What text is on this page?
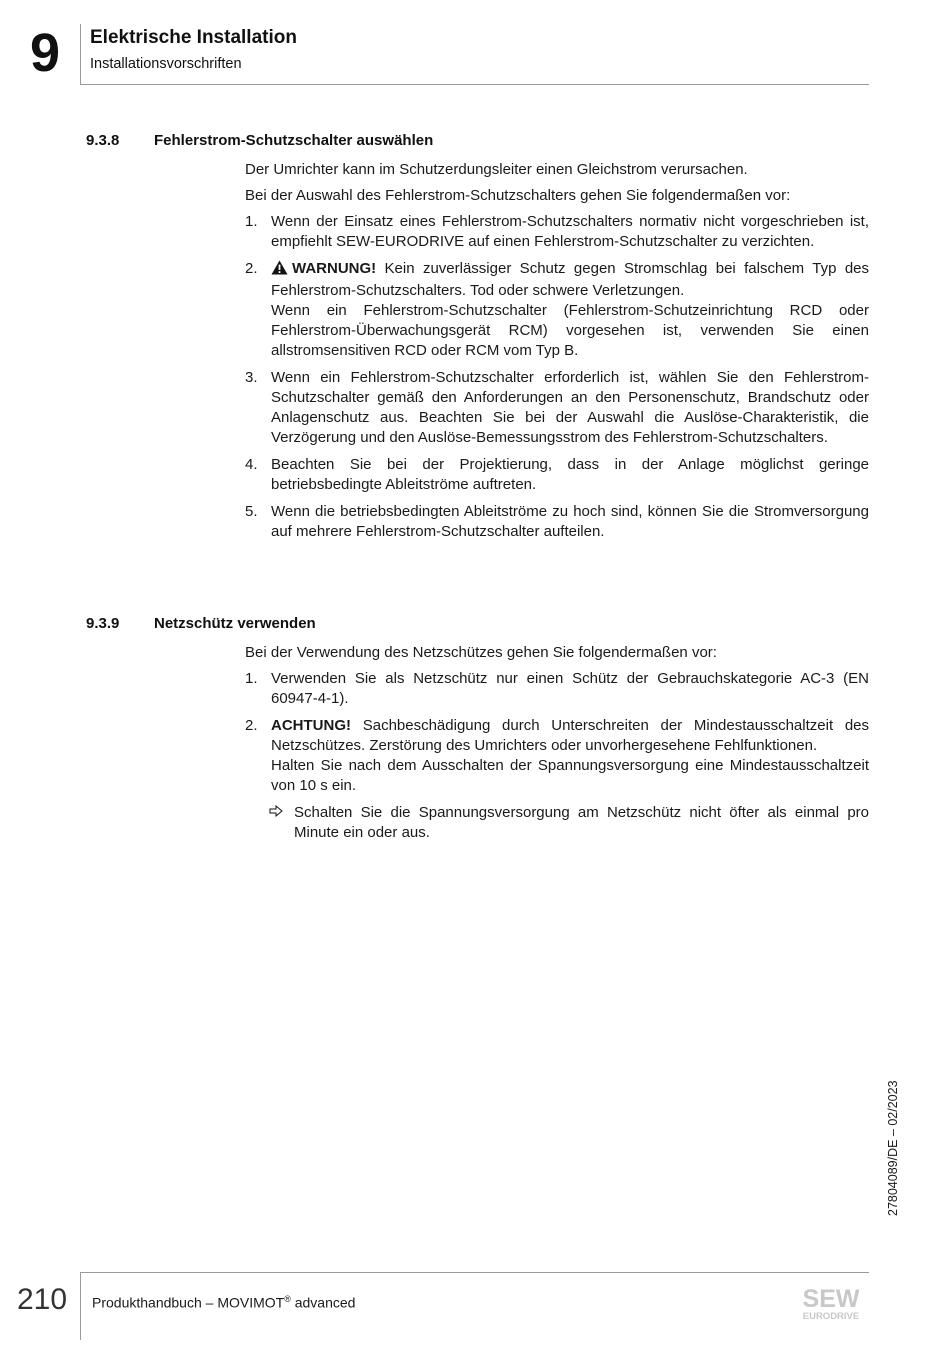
9	Elektrische Installation
Installationsvorschriften
9.3.8 Fehlerstrom-Schutzschalter auswählen

Der Umrichter kann im Schutzerdungsleiter einen Gleichstrom verursachen.

Bei der Auswahl des Fehlerstrom-Schutzschalters gehen Sie folgendermaßen vor:

1. Wenn der Einsatz eines Fehlerstrom-Schutzschalters normativ nicht vorgeschrieben ist, empfiehlt SEW-EURODRIVE auf einen Fehlerstrom-Schutzschalter zu verzichten.

2.	WARNUNG! Kein zuverlässiger Schutz gegen Stromschlag bei falschem Typ des Fehlerstrom-Schutzschalters. Tod oder schwere Verletzungen.

Wenn ein Fehlerstrom-Schutzschalter (Fehlerstrom-Schutzeinrichtung RCD oder Fehlerstrom-Überwachungsgerät RCM) vorgesehen ist, verwenden Sie einen allstromsensitiven RCD oder RCM vom Typ B.

3. Wenn ein Fehlerstrom-Schutzschalter erforderlich ist, wählen Sie den Fehlerstrom-Schutzschalter gemäß den Anforderungen an den Personenschutz, Brandschutz oder Anlagenschutz aus. Beachten Sie bei der Auswahl die Auslöse-Charakteristik, die Verzögerung und den Auslöse-Bemessungsstrom des Fehlerstrom-Schutzschalters.

4. Beachten Sie bei der Projektierung, dass in der Anlage möglichst geringe betriebsbedingte Ableitströme auftreten.

5. Wenn die betriebsbedingten Ableitströme zu hoch sind, können Sie die Stromversorgung auf mehrere Fehlerstrom-Schutzschalter aufteilen.

9.3.9 Netzschütz verwenden

Bei der Verwendung des Netzschützes gehen Sie folgendermaßen vor:

1. Verwenden Sie als Netzschütz nur einen Schütz der Gebrauchskategorie AC-3 (EN 60947-4-1).

2. ACHTUNG! Sachbeschädigung durch Unterschreiten der Mindestausschaltzeit des Netzschützes. Zerstörung des Umrichters oder unvorhergesehene Fehlfunktionen.

Halten Sie nach dem Ausschalten der Spannungsversorgung eine Mindestausschaltzeit von 10 s ein.

Schalten Sie die Spannungsversorgung am Netzschütz nicht öfter als einmal pro Minute ein oder aus.

27804089/DE – 02/2023
210 Produkthandbuch – MOVIMOT® advanced	SEW
EURODRIVE
